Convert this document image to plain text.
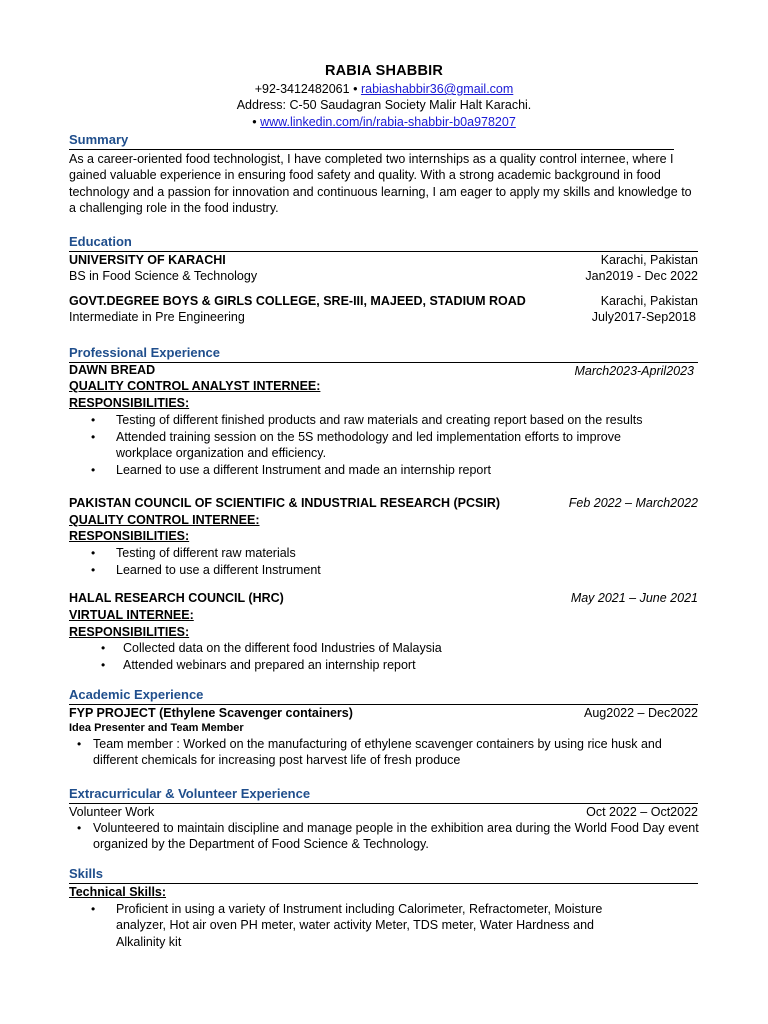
RABIA SHABBIR
+92-3412482061 • rabiashabbir36@gmail.com
Address: C-50 Saudagran Society Malir Halt Karachi.
• www.linkedin.com/in/rabia-shabbir-b0a978207
Summary
As a career-oriented food technologist, I have completed two internships as a quality control internee, where I gained valuable experience in ensuring food safety and quality. With a strong academic background in food technology and a passion for innovation and continuous learning, I am eager to apply my skills and knowledge to a challenging role in the food industry.
Education
UNIVERSITY OF KARACHI	Karachi, Pakistan
BS in Food Science & Technology	Jan2019 - Dec 2022
GOVT.DEGREE BOYS & GIRLS COLLEGE, SRE-III, MAJEED, STADIUM ROAD	Karachi, Pakistan
Intermediate in Pre Engineering	July2017-Sep2018
Professional Experience
DAWN BREAD	March2023-April2023
QUALITY CONTROL ANALYST INTERNEE:
RESPONSIBILITIES:
• Testing of different finished products and raw materials and creating report based on the results
• Attended training session on the 5S methodology and led implementation efforts to improve workplace organization and efficiency.
• Learned to use a different Instrument and made an internship report
PAKISTAN COUNCIL OF SCIENTIFIC & INDUSTRIAL RESEARCH (PCSIR)	Feb 2022 – March2022
QUALITY CONTROL INTERNEE:
RESPONSIBILITIES:
• Testing of different raw materials
• Learned to use a different Instrument
HALAL RESEARCH COUNCIL (HRC)	May 2021 – June 2021
VIRTUAL INTERNEE:
RESPONSIBILITIES:
• Collected data on the different food Industries of Malaysia
• Attended webinars and prepared an internship report
Academic Experience
FYP PROJECT (Ethylene Scavenger containers)	Aug2022 – Dec2022
Idea Presenter and Team Member
• Team member : Worked on the manufacturing of ethylene scavenger containers by using rice husk and different chemicals for increasing post harvest life of fresh produce
Extracurricular & Volunteer Experience
Volunteer Work	Oct 2022 – Oct2022
• Volunteered to maintain discipline and manage people in the exhibition area during the World Food Day event organized by the Department of Food Science & Technology.
Skills
Technical Skills:
• Proficient in using a variety of Instrument including Calorimeter, Refractometer, Moisture analyzer, Hot air oven PH meter, water activity Meter, TDS meter, Water Hardness and Alkalinity kit
